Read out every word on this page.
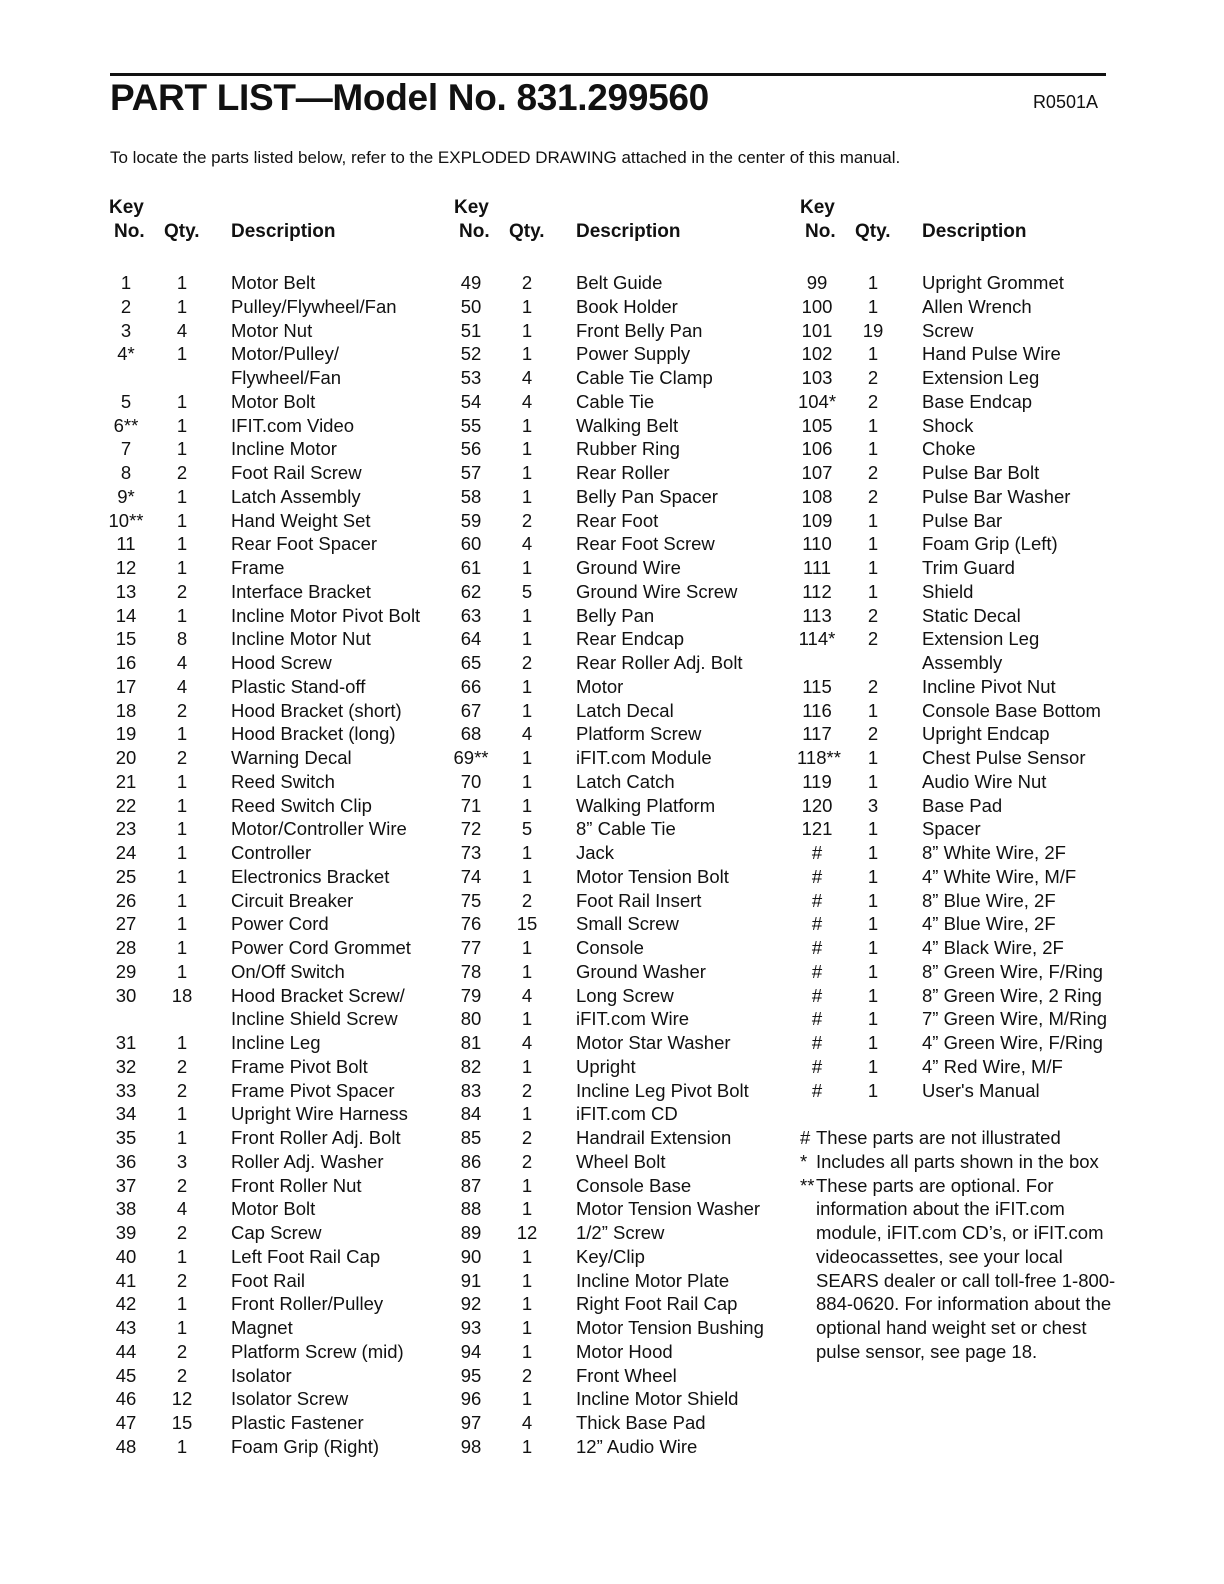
PART LIST—Model No. 831.299560	R0501A
To locate the parts listed below, refer to the EXPLODED DRAWING attached in the center of this manual.
Key
No. Qty. Description
1	1	Motor Belt
2	1	Pulley/Flywheel/Fan
3	4	Motor Nut
4*	1	Motor/Pulley/
Flywheel/Fan
5	1	Motor Bolt
6**	1	IFIT.com Video
7	1	Incline Motor
8	2	Foot Rail Screw
9*	1	Latch Assembly
10**	1	Hand Weight Set
11	1	Rear Foot Spacer
12	1	Frame
13	2	Interface Bracket
14	1	Incline Motor Pivot Bolt
15	8	Incline Motor Nut
16	4	Hood Screw
17	4	Plastic Stand-off
18	2	Hood Bracket (short)
19	1	Hood Bracket (long)
20	2	Warning Decal
21	1	Reed Switch
22	1	Reed Switch Clip
23	1	Motor/Controller Wire
24	1	Controller
25	1	Electronics Bracket
26	1	Circuit Breaker
27	1	Power Cord
28	1	Power Cord Grommet
29	1	On/Off Switch
30	18 Hood Bracket Screw/
Incline Shield Screw
31	1	Incline Leg
32	2	Frame Pivot Bolt
33	2	Frame Pivot Spacer
34	1	Upright Wire Harness
35	1	Front Roller Adj. Bolt
36	3	Roller Adj. Washer
37	2	Front Roller Nut
38	4	Motor Bolt
39	2	Cap Screw
40	1	Left Foot Rail Cap
41	2	Foot Rail
42	1	Front Roller/Pulley
43	1	Magnet
44	2	Platform Screw (mid)
45	2	Isolator
46	12 Isolator Screw
47	15 Plastic Fastener
48	1	Foam Grip (Right)
Key
No. Qty. Description
49	2	Belt Guide
50	1	Book Holder
51	1	Front Belly Pan
52	1	Power Supply
53	4	Cable Tie Clamp
54	4	Cable Tie
55	1	Walking Belt
56	1	Rubber Ring
57	1	Rear Roller
58	1	Belly Pan Spacer
59	2	Rear Foot
60	4	Rear Foot Screw
61	1	Ground Wire
62	5	Ground Wire Screw
63	1	Belly Pan
64	1	Rear Endcap
65	2	Rear Roller Adj. Bolt
66	1	Motor
67	1	Latch Decal
68	4	Platform Screw
69**	1	iFIT.com Module
70	1	Latch Catch
71	1	Walking Platform
72	5	8” Cable Tie
73	1	Jack
74	1	Motor Tension Bolt
75	2	Foot Rail Insert
76	15 Small Screw
77	1	Console
78	1	Ground Washer
79	4	Long Screw
80	1	iFIT.com Wire
81	4	Motor Star Washer
82	1	Upright
83	2	Incline Leg Pivot Bolt
84	1	iFIT.com CD
85	2	Handrail Extension
86	2	Wheel Bolt
87	1	Console Base
88	1	Motor Tension Washer
89	12 1/2” Screw
90	1	Key/Clip
91	1	Incline Motor Plate
92	1	Right Foot Rail Cap
93	1	Motor Tension Bushing
94	1	Motor Hood
95	2	Front Wheel
96	1	Incline Motor Shield
97	4	Thick Base Pad
98	1	12” Audio Wire
Key
No. Qty. Description
99	1	Upright Grommet
100	1	Allen Wrench
101 19 Screw
102	1	Hand Pulse Wire
103	2	Extension Leg
104*	2	Base Endcap
105	1	Shock
106	1	Choke
107	2	Pulse Bar Bolt
108	2	Pulse Bar Washer
109	1	Pulse Bar
110	1	Foam Grip (Left)
111	1	Trim Guard
112	1	Shield
113	2	Static Decal
114*	2	Extension Leg
Assembly
115	2	Incline Pivot Nut
116	1	Console Base Bottom
117	2	Upright Endcap
118**	1	Chest Pulse Sensor
119	1	Audio Wire Nut
120	3	Base Pad
121	1	Spacer
#	1	8” White Wire, 2F
#	1	4” White Wire, M/F
#	1	8” Blue Wire, 2F
#	1	4” Blue Wire, 2F
#	1	4” Black Wire, 2F
#	1	8” Green Wire, F/Ring
#	1	8” Green Wire, 2 Ring
#	1	7” Green Wire, M/Ring
#	1	4” Green Wire, F/Ring
#	1	4” Red Wire, M/F
#	1	User's Manual
# These parts are not illustrated
* Includes all parts shown in the box
** These parts are optional. For information about the iFIT.com module, iFIT.com CD’s, or iFIT.com videocassettes, see your local SEARS dealer or call toll-free 1-800-884-0620. For information about the optional hand weight set or chest pulse sensor, see page 18.
